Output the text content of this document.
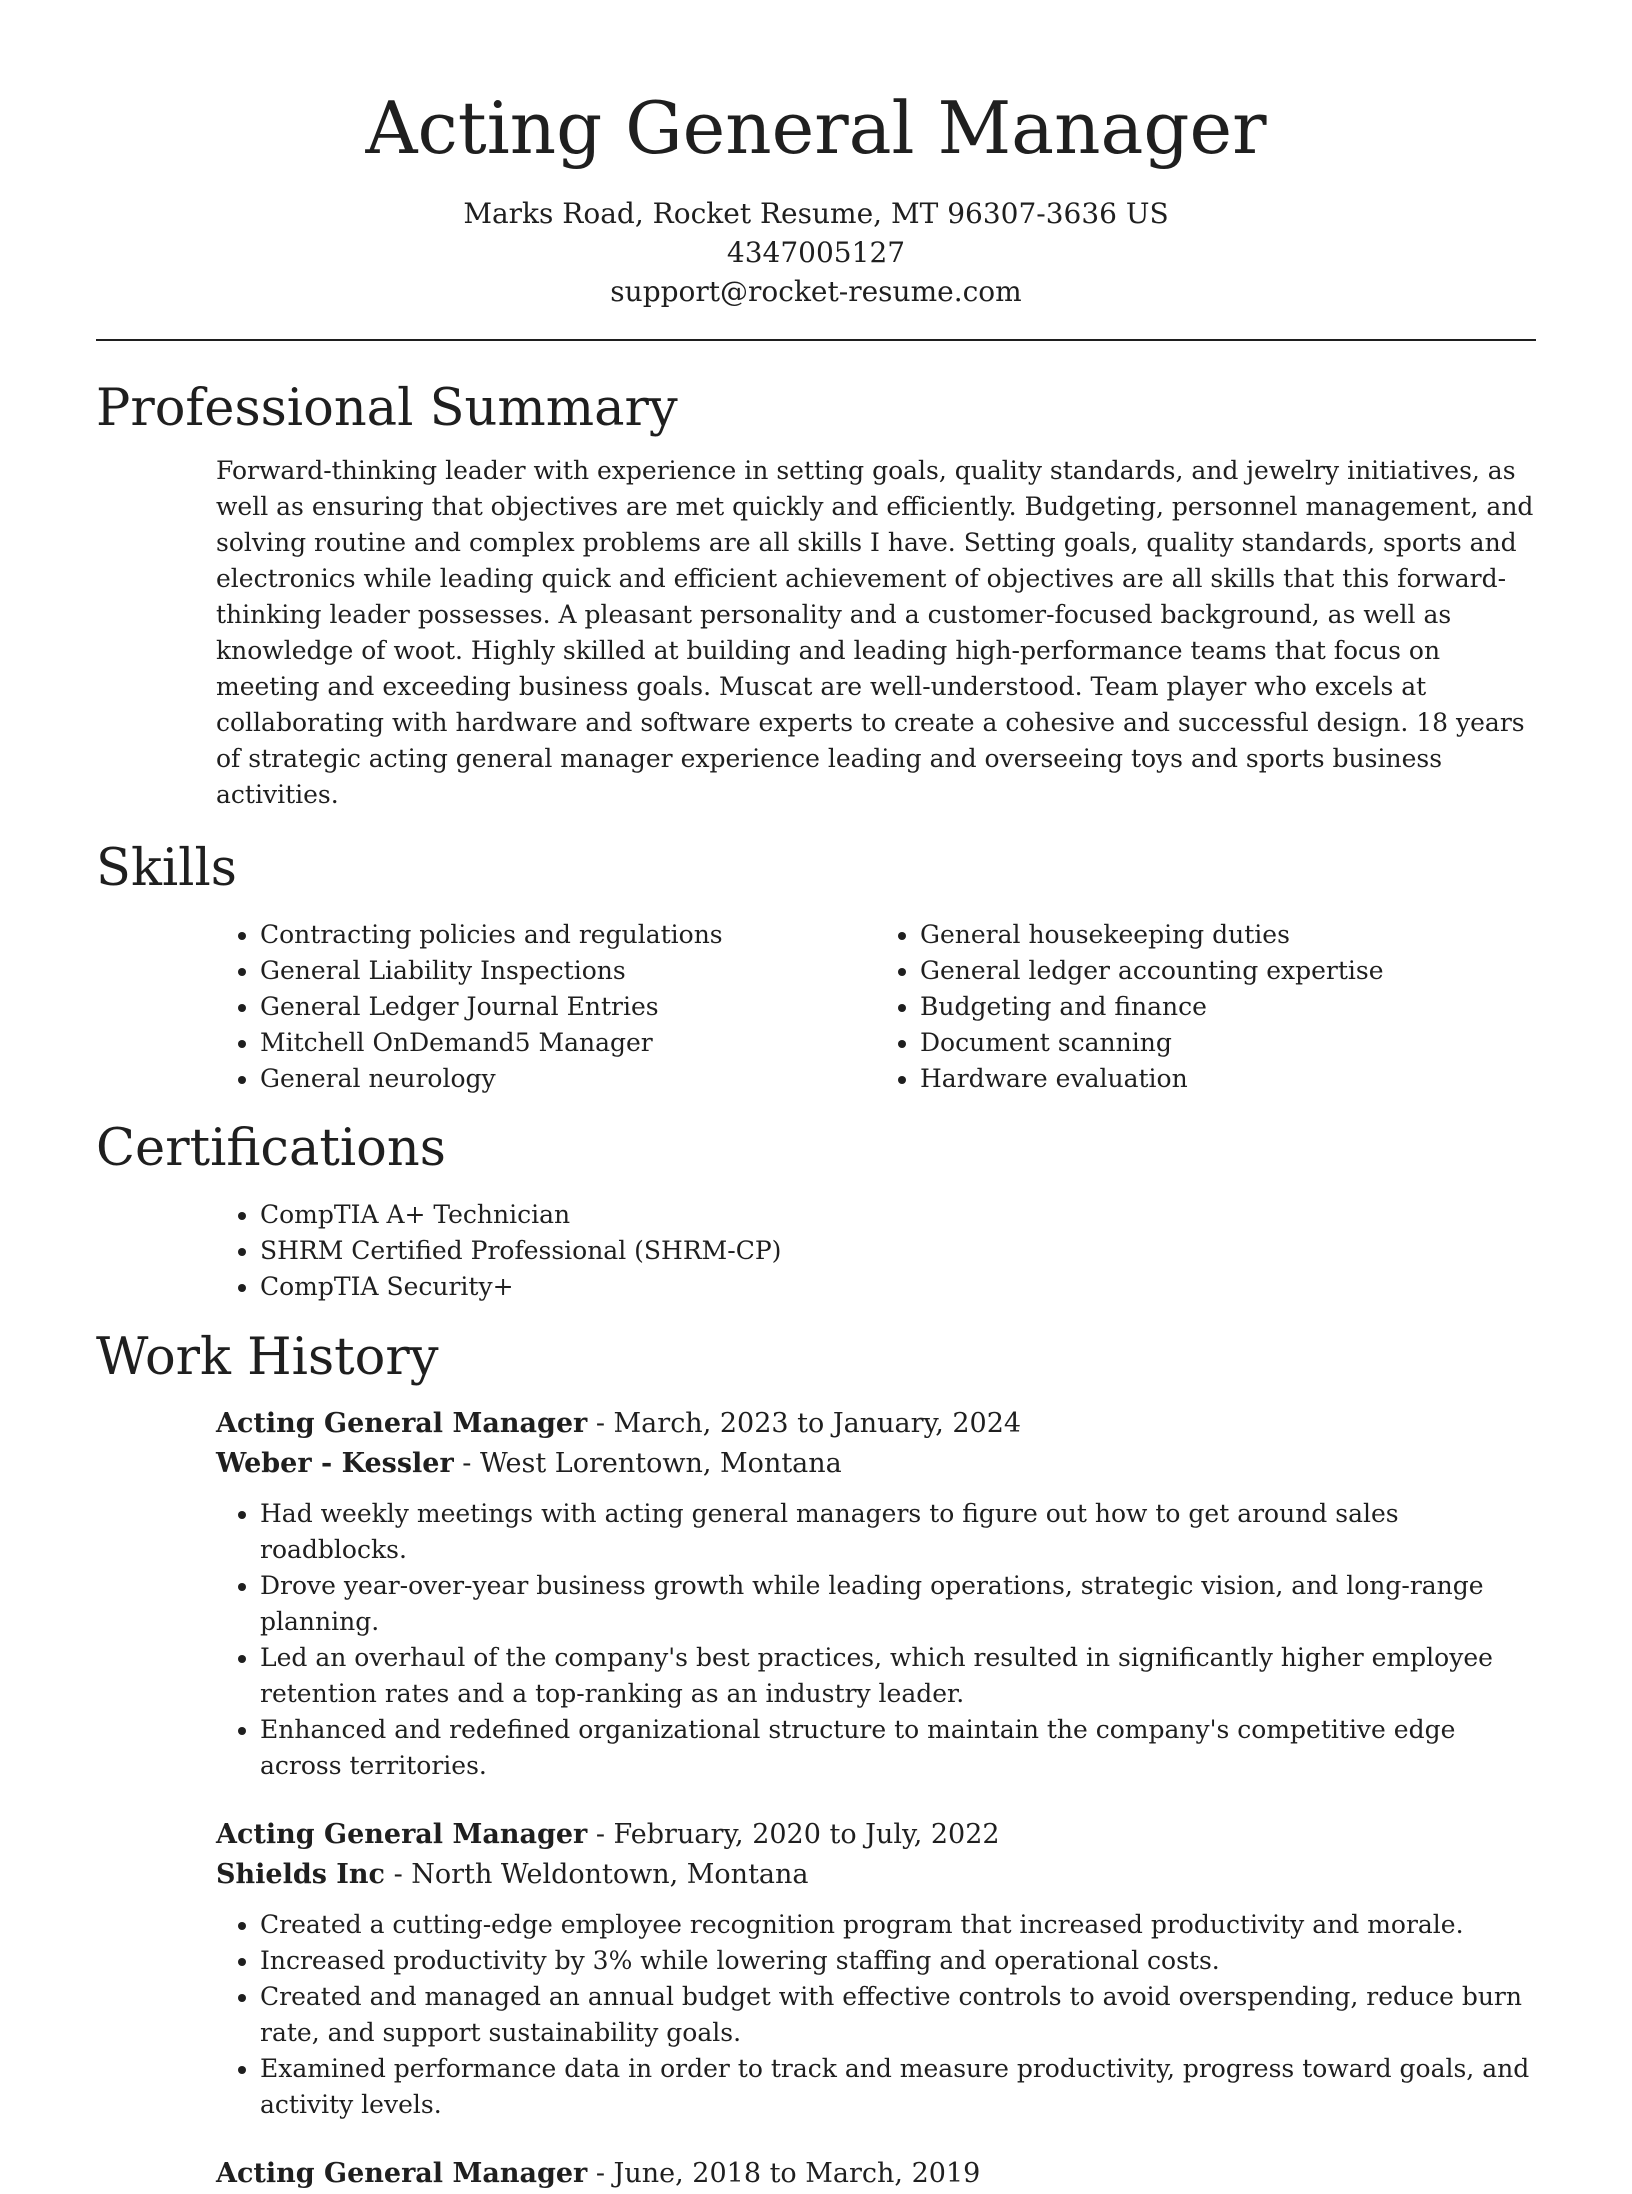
Acting General Manager
Marks Road, Rocket Resume, MT 96307-3636 US
4347005127
support@rocket-resume.com
Professional Summary

Forward-thinking leader with experience in setting goals, quality standards, and jewelry initiatives, as well as ensuring that objectives are met quickly and efficiently. Budgeting, personnel management, and solving routine and complex problems are all skills I have. Setting goals, quality standards, sports and electronics while leading quick and efficient achievement of objectives are all skills that this forward-thinking leader possesses. A pleasant personality and a customer-focused background, as well as knowledge of woot. Highly skilled at building and leading high-performance teams that focus on meeting and exceeding business goals. Muscat are well-understood. Team player who excels at collaborating with hardware and software experts to create a cohesive and successful design. 18 years of strategic acting general manager experience leading and overseeing toys and sports business activities.

Skills
• Contracting policies and regulations
• General Liability Inspections
• General Ledger Journal Entries
• Mitchell OnDemand5 Manager
• General neurology
• General housekeeping duties
• General ledger accounting expertise
• Budgeting and finance
• Document scanning
• Hardware evaluation
Certifications
• CompTIA A+ Technician
• SHRM Certified Professional (SHRM-CP)
• CompTIA Security+
Work History
Acting General Manager - March, 2023 to January, 2024
Weber - Kessler - West Lorentown, Montana
• Had weekly meetings with acting general managers to figure out how to get around sales roadblocks.
• Drove year-over-year business growth while leading operations, strategic vision, and long-range planning.
• Led an overhaul of the company's best practices, which resulted in significantly higher employee retention rates and a top-ranking as an industry leader.
• Enhanced and redefined organizational structure to maintain the company's competitive edge across territories.
Acting General Manager - February, 2020 to July, 2022
Shields Inc - North Weldontown, Montana
• Created a cutting-edge employee recognition program that increased productivity and morale.
• Increased productivity by 3% while lowering staffing and operational costs.
• Created and managed an annual budget with effective controls to avoid overspending, reduce burn rate, and support sustainability goals.
• Examined performance data in order to track and measure productivity, progress toward goals, and activity levels.
Acting General Manager - June, 2018 to March, 2019
